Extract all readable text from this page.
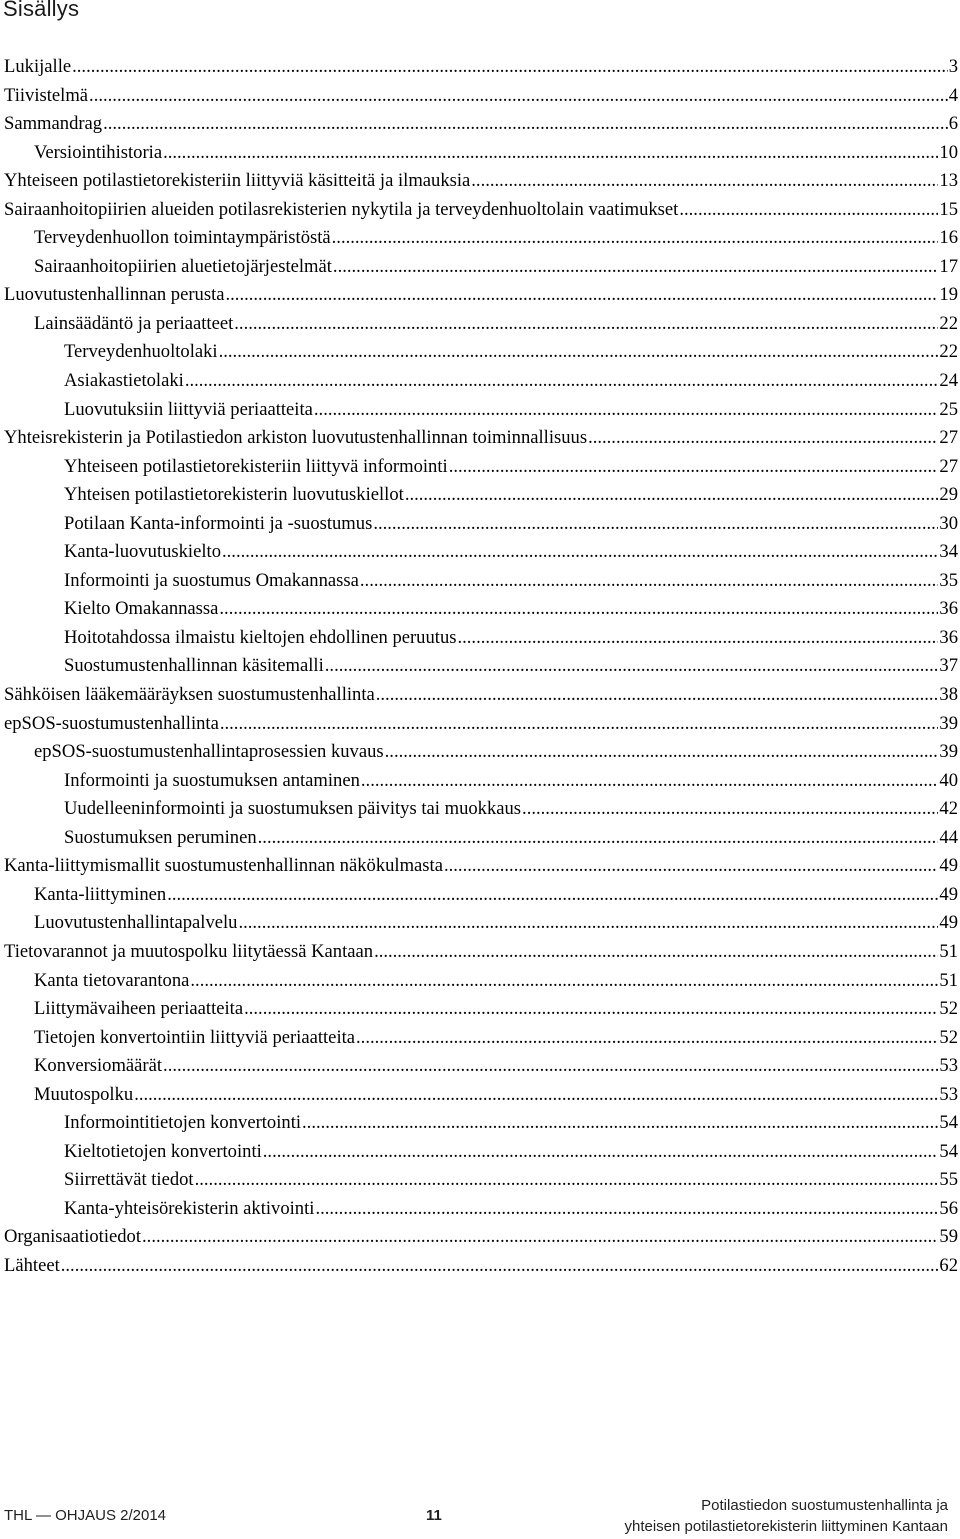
Sisällys
Lukijalle .....	3
Tiivistelmä .....	4
Sammandrag .....	6
Versiointihistoria .....	10
Yhteiseen potilastietorekisteriin liittyviä käsitteitä ja ilmauksia .....	13
Sairaanhoitopiirien alueiden potilasrekisterien nykytila ja terveydenhuoltolain vaatimukset .....	15
Terveydenhuollon toimintaympäristöstä .....	16
Sairaanhoitopiirien aluetietojärjestelmät .....	17
Luovutustenhallinnan perusta .....	19
Lainsäädäntö ja periaatteet .....	22
Terveydenhuoltolaki .....	22
Asiakastietolaki .....	24
Luovutuksiin liittyviä periaatteita .....	25
Yhteisrekisterin ja Potilastiedon arkiston luovutustenhallinnan toiminnallisuus .....	27
Yhteiseen potilastietorekisteriin liittyvä informointi .....	27
Yhteisen potilastietorekisterin luovutuskiellot .....	29
Potilaan Kanta-informointi ja -suostumus .....	30
Kanta-luovutuskielto .....	34
Informointi ja suostumus Omakannassa .....	35
Kielto Omakannassa .....	36
Hoitotahdossa ilmaistu kieltojen ehdollinen peruutus .....	36
Suostumustenhallinnan käsitemalli .....	37
Sähköisen lääkemääräyksen suostumustenhallinta .....	38
epSOS-suostumustenhallinta .....	39
epSOS-suostumustenhallintaprosessien kuvaus .....	39
Informointi ja suostumuksen antaminen .....	40
Uudelleeninformointi ja suostumuksen päivitys tai muokkaus .....	42
Suostumuksen peruminen .....	44
Kanta-liittymismallit suostumustenhallinnan näkökulmasta .....	49
Kanta-liittyminen .....	49
Luovutustenhallintapalvelu .....	49
Tietovarannot ja muutospolku liitytäessä Kantaan .....	51
Kanta tietovarantona .....	51
Liittymävaiheen periaatteita .....	52
Tietojen konvertointiin liittyviä periaatteita .....	52
Konversiomäärät .....	53
Muutospolku .....	53
Informointitietojen konvertointi .....	54
Kieltotietojen konvertointi .....	54
Siirrettävät tiedot .....	55
Kanta-yhteisörekisterin aktivointi .....	56
Organisaatiotiedot .....	59
Lähteet .....	62
THL — OHJAUS 2/2014	11
Potilastiedon suostumustenhallinta ja
yhteisen potilastietorekisterin liittyminen Kantaan
